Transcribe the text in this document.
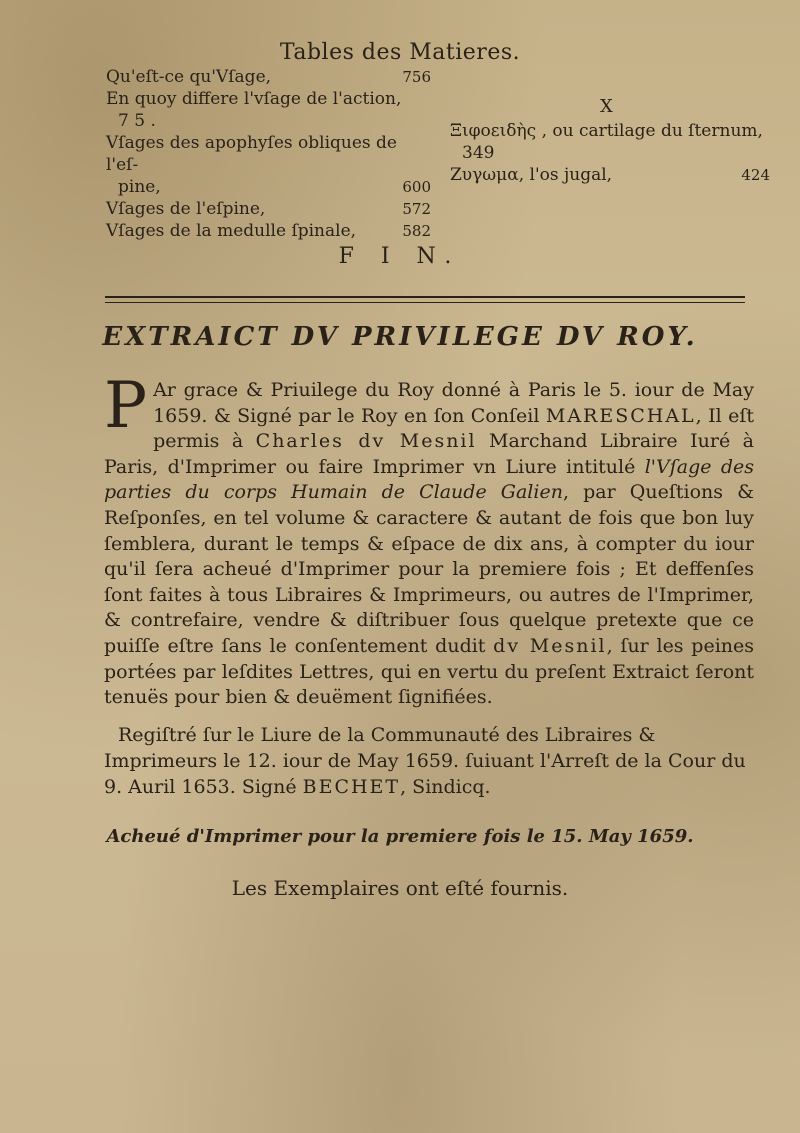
Tables des Matieres.
Qu'eſt-ce qu'Vſage,	756
En quoy differe l'vſage de l'action,
7 5 .
Vſages des apophyſes obliques de l'eſ-
pine,	600
Vſages de l'eſpine,	572
Vſages de la medulle ſpinale,	582
X
Ξιφοειδὴς , ou cartilage du ſternum,
349
Ζυγωμα, l'os jugal,	424
F I N.
EXTRAICT DV PRIVILEGE DV ROY.
P Ar grace & Priuilege du Roy donné à Paris le 5. iour de May 1659. & Signé par le Roy en ſon Conſeil MARESCHAL, Il eſt permis à Charles dv Mesnil Marchand Libraire Iuré à Paris, d'Imprimer ou faire Imprimer vn Liure intitulé l'Vſage des parties du corps Humain de Claude Galien, par Queſtions & Reſponſes, en tel volume & caractere & autant de fois que bon luy ſemblera, durant le temps & eſpace de dix ans, à compter du iour qu'il ſera acheué d'Imprimer pour la premiere fois ; Et deffenſes ſont faites à tous Libraires & Imprimeurs, ou autres de l'Imprimer, & contrefaire, vendre & diſtribuer ſous quelque pretexte que ce puiſſe eſtre ſans le conſentement dudit dv Mesnil, ſur les peines portées par leſdites Lettres, qui en vertu du preſent Extraict ſeront tenuës pour bien & deuëment ſignifiées.
Regiſtré ſur le Liure de la Communauté des Libraires & Imprimeurs le 12. iour de May 1659. ſuiuant l'Arreſt de la Cour du 9. Auril 1653. Signé BECHET, Sindicq.
Acheué d'Imprimer pour la premiere fois le 15. May 1659.
Les Exemplaires ont eſté fournis.
